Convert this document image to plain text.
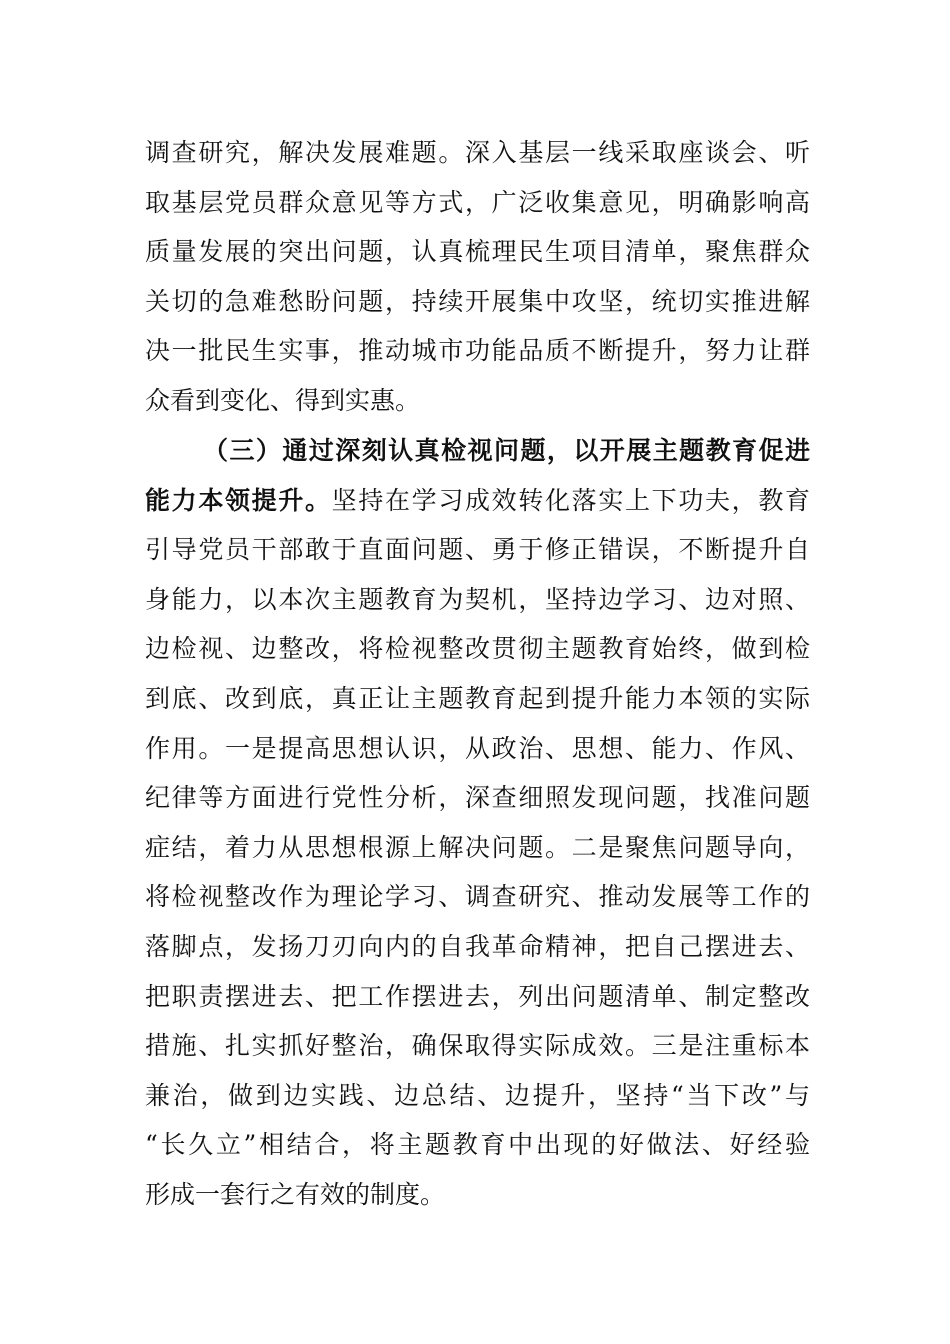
调查研究，解决发展难题。深入基层一线采取座谈会、听
取基层党员群众意见等方式，广泛收集意见，明确影响高
质量发展的突出问题，认真梳理民生项目清单，聚焦群众
关切的急难愁盼问题，持续开展集中攻坚，统切实推进解
决一批民生实事，推动城市功能品质不断提升，努力让群
众看到变化、得到实惠。
（三）通过深刻认真检视问题，以开展主题教育促进
能力本领提升。坚持在学习成效转化落实上下功夫，教育
引导党员干部敢于直面问题、勇于修正错误，不断提升自
身能力，以本次主题教育为契机，坚持边学习、边对照、
边检视、边整改，将检视整改贯彻主题教育始终，做到检
到底、改到底，真正让主题教育起到提升能力本领的实际
作用。一是提高思想认识，从政治、思想、能力、作风、
纪律等方面进行党性分析，深查细照发现问题，找准问题
症结，着力从思想根源上解决问题。二是聚焦问题导向，
将检视整改作为理论学习、调查研究、推动发展等工作的
落脚点，发扬刀刃向内的自我革命精神，把自己摆进去、
把职责摆进去、把工作摆进去，列出问题清单、制定整改
措施、扎实抓好整治，确保取得实际成效。三是注重标本
兼治，做到边实践、边总结、边提升，坚持“当下改”与
“长久立”相结合，将主题教育中出现的好做法、好经验
形成一套行之有效的制度。
